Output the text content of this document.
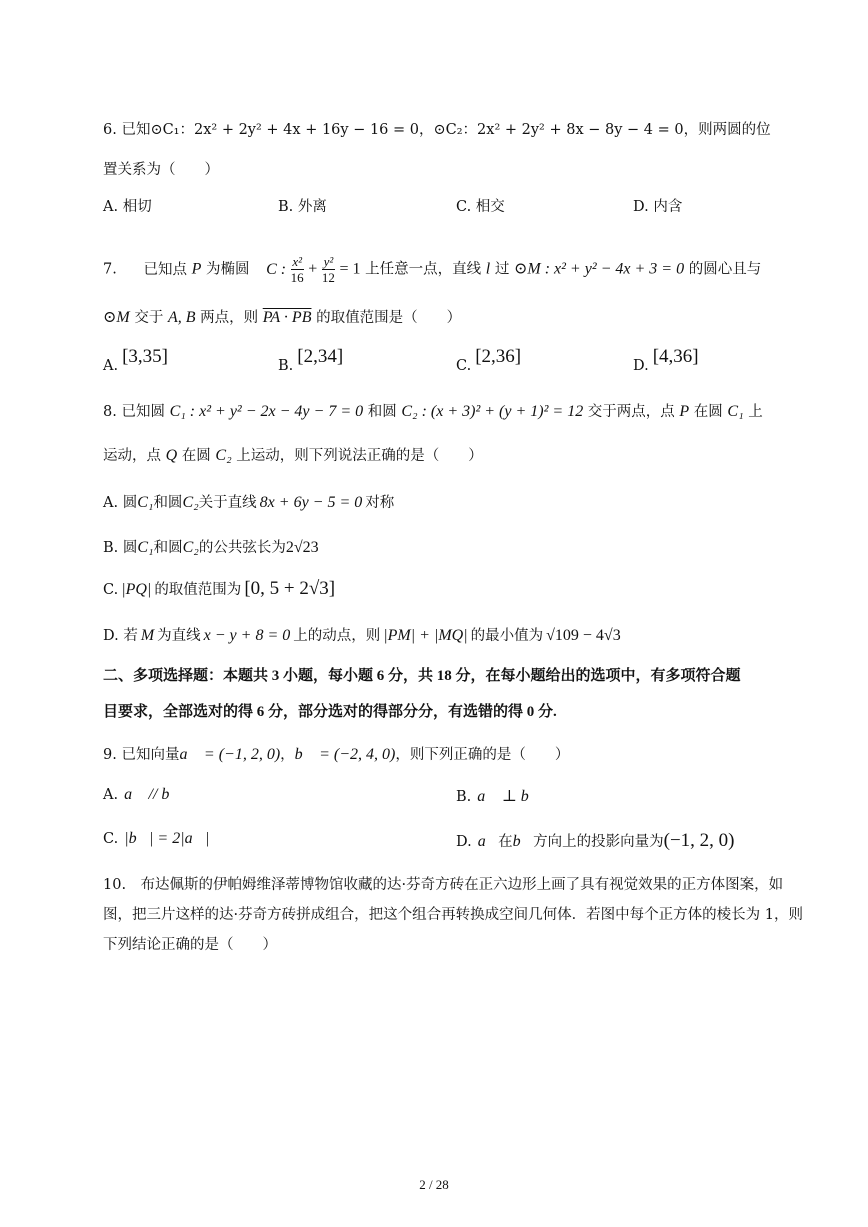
6. 已知⊙C₁：2x² + 2y² + 4x + 16y − 16 = 0，⊙C₂：2x² + 2y² + 8x − 8y − 4 = 0，则两圆的位
置关系为（　　）
A. 相切	B. 外离	C. 相交	D. 内含
7. 已知点 P 为椭圆 C : $\frac{\text{x²}}{16} + \frac{\text{y²}}{12} = 1$ 上任意一点，直线 l 过 ⊙M : x² + y² − 4x + 3 = 0 的圆心且与
⊙M 交于 A, B 两点，则 PA · PB 的取值范围是（　　）
A. [3,35]	B. [2,34]	C. [2,36]	D. [4,36]
8. 已知圆 C₁ : x² + y² − 2x − 4y − 7 = 0 和圆 C₂ : (x + 3)² + (y + 1)² = 12 交于两点，点 P 在圆 C₁ 上
运动，点 Q 在圆 C₂ 上运动，则下列说法正确的是（　　）
A. 圆C₁和圆C₂关于直线 8x + 6y − 5 = 0 对称
B. 圆C₁和圆C₂的公共弦长为2√23
C. |PQ| 的取值范围为 [0, 5 + 2√3]
D. 若 M 为直线 x − y + 8 = 0 上的动点，则 |PM| + |MQ| 的最小值为 √109 − 4√3
二、多项选择题：本题共 3 小题，每小题 6 分，共 18 分，在每小题给出的选项中，有多项符合题
目要求，全部选对的得 6 分，部分选对的得部分分，有选错的得 0 分.
9. 已知向量a⃗ = (−1, 2, 0)，b⃗ = (−2, 4, 0)，则下列正确的是（　　）
A. a⃗ // b⃗	B. a⃗ ⊥ b⃗
C. |b⃗| = 2|a⃗|	D. a⃗在b⃗方向上的投影向量为(−1, 2, 0)
10.　布达佩斯的伊帕姆维泽蒂博物馆收藏的达·芬奇方砖在正六边形上画了具有视觉效果的正方体图案，如图，把三片这样的达·芬奇方砖拼成组合，把这个组合再转换成空间几何体．若图中每个正方体的棱长为 1，则下列结论正确的是（　　）
2 / 28
